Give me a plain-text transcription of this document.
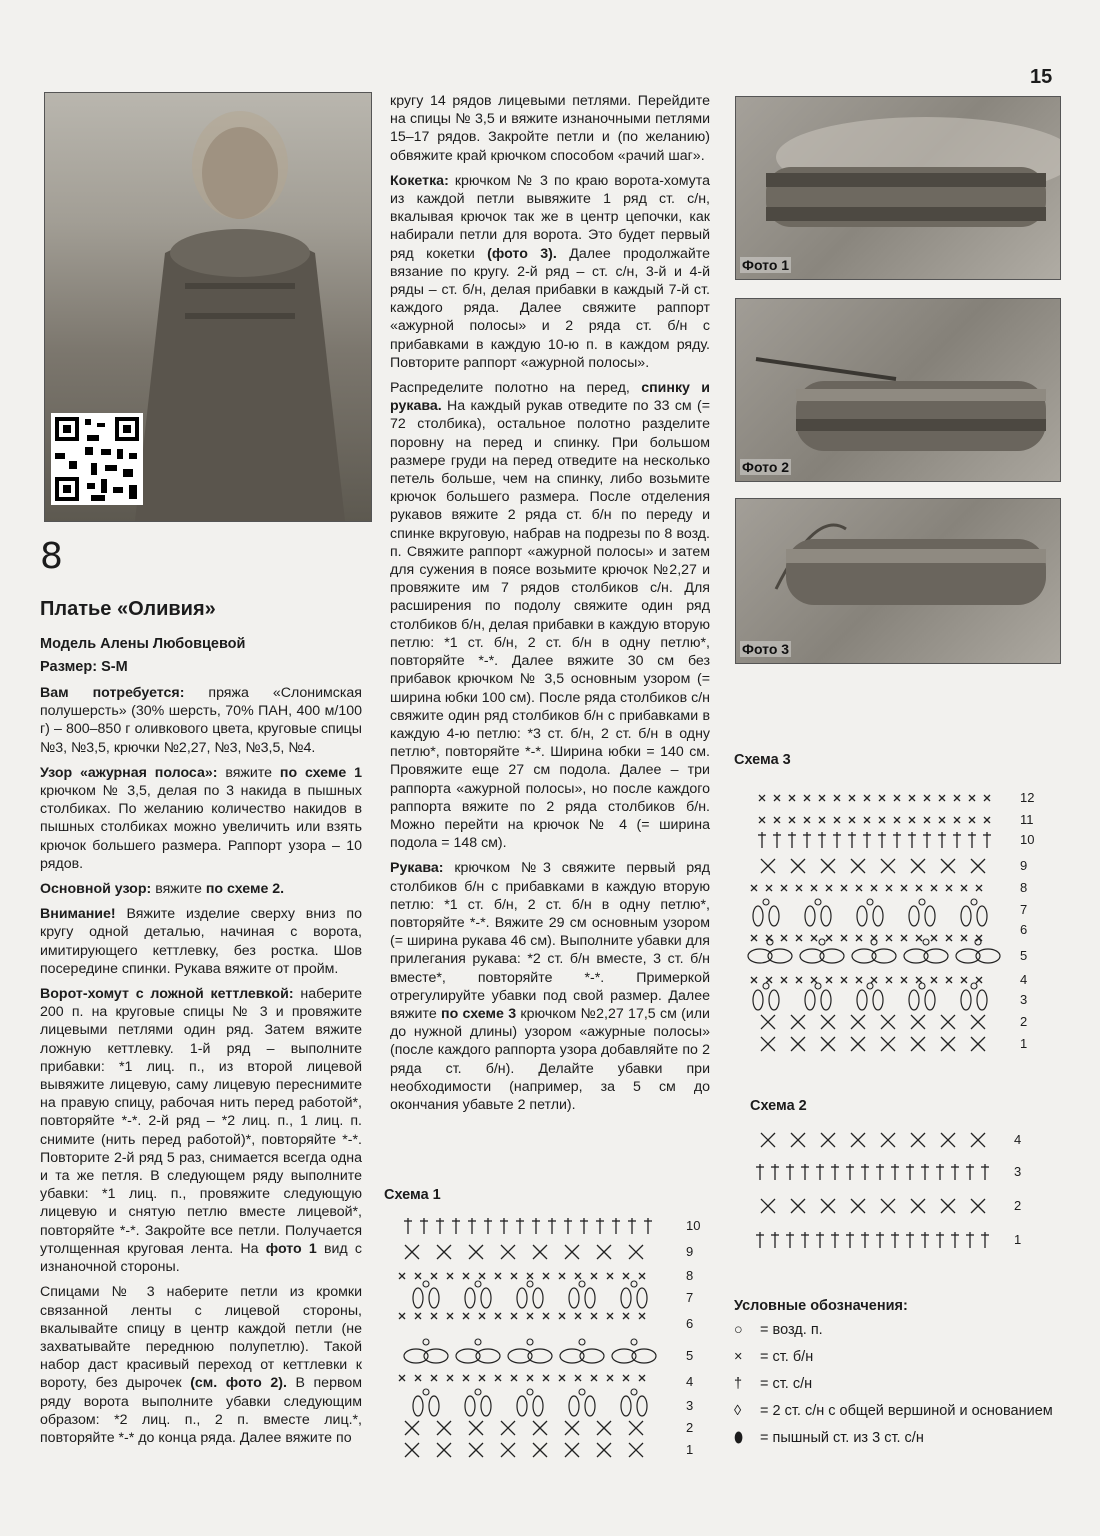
15
8
Платье «Оливия»
Модель Алены Любовцевой
Размер: S-M

Вам потребуется: пряжа «Слонимская полушерсть» (30% шерсть, 70% ПАН, 400 м/100 г) – 800–850 г оливкового цвета, круговые спицы №3, №3,5, крючки №2,27, №3, №3,5, №4.

Узор «ажурная полоса»: вяжите по схеме 1 крючком № 3,5, делая по 3 накида в пышных столбиках. По желанию количество накидов в пышных столбиках можно увеличить или взять крючок большего размера. Раппорт узора – 10 рядов.

Основной узор: вяжите по схеме 2.

Внимание! Вяжите изделие сверху вниз по кругу одной деталью, начиная с ворота, имитирующего кеттлевку, без ростка. Шов посередине спинки. Рукава вяжите от пройм.

Ворот-хомут с ложной кеттлевкой: наберите 200 п. на круговые спицы № 3 и провяжите лицевыми петлями один ряд. Затем вяжите ложную кеттлевку. 1-й ряд – выполните прибавки: *1 лиц. п., из второй лицевой вывяжите лицевую, саму лицевую переснимите на правую спицу, рабочая нить перед работой*, повторяйте *-*. 2-й ряд – *2 лиц. п., 1 лиц. п. снимите (нить перед работой)*, повторяйте *-*. Повторите 2-й ряд 5 раз, снимается всегда одна и та же петля. В следующем ряду выполните убавки: *1 лиц. п., провяжите следующую лицевую и снятую петлю вместе лицевой*, повторяйте *-*. Закройте все петли. Получается утолщенная круговая лента. На фото 1 вид с изнаночной стороны.

Спицами № 3 наберите петли из кромки связанной ленты с лицевой стороны, вкалывайте спицу в центр каждой петли (не захватывайте переднюю полупетлю). Такой набор даст красивый переход от кеттлевки к вороту, без дырочек (см. фото 2). В первом ряду ворота выполните убавки следующим образом: *2 лиц. п., 2 п. вместе лиц.*, повторяйте *-* до конца ряда. Далее вяжите по

кругу 14 рядов лицевыми петлями. Перейдите на спицы № 3,5 и вяжите изнаночными петлями 15–17 рядов. Закройте петли и (по желанию) обвяжите край крючком способом «рачий шаг».

Кокетка: крючком № 3 по краю ворота-хомута из каждой петли вывяжите 1 ряд ст. с/н, вкалывая крючок так же в центр цепочки, как набирали петли для ворота. Это будет первый ряд кокетки (фото 3). Далее продолжайте вязание по кругу. 2-й ряд – ст. с/н, 3-й и 4-й ряды – ст. б/н, делая прибавки в каждый 7-й ст. каждого ряда. Далее свяжите раппорт «ажурной полосы» и 2 ряда ст. б/н с прибавками в каждую 10-ю п. в каждом ряду. Повторите раппорт «ажурной полосы».

Распределите полотно на перед, спинку и рукава. На каждый рукав отведите по 33 см (= 72 столбика), остальное полотно разделите поровну на перед и спинку. При большом размере груди на перед отведите на несколько петель больше, чем на спинку, либо возьмите крючок большего размера. После отделения рукавов вяжите 2 ряда ст. б/н по переду и спинке вкруговую, набрав на подрезы по 8 возд. п. Свяжите раппорт «ажурной полосы» и затем для сужения в поясе возьмите крючок №2,27 и провяжите им 7 рядов столбиков с/н. Для расширения по подолу свяжите один ряд столбиков б/н, делая прибавки в каждую вторую петлю: *1 ст. б/н, 2 ст. б/н в одну петлю*, повторяйте *-*. Далее вяжите 30 см без прибавок крючком № 3,5 основным узором (= ширина юбки 100 см). После ряда столбиков с/н свяжите один ряд столбиков б/н с прибавками в каждую 4-ю петлю: *3 ст. б/н, 2 ст. б/н в одну петлю*, повторяйте *-*. Ширина юбки = 140 см. Провяжите еще 27 см подола. Далее – три раппорта «ажурной полосы», но после каждого раппорта вяжите по 2 ряда столбиков б/н. Можно перейти на крючок № 4 (= ширина подола = 148 см).

Рукава: крючком №3 свяжите первый ряд столбиков б/н с прибавками в каждую вторую петлю: *1 ст. б/н, 2 ст. б/н в одну петлю*, повторяйте *-*. Вяжите 29 см основным узором (= ширина рукава 46 см). Выполните убавки для прилегания рукава: *2 ст. б/н вместе, 3 ст. б/н вместе*, повторяйте *-*. Примеркой отрегулируйте убавки под свой размер. Далее вяжите по схеме 3 крючком №2,27 17,5 см (или до нужной длины) узором «ажурные полосы» (после каждого раппорта узора добавляйте по 2 ряда ст. б/н). Делайте убавки при необходимости (например, за 5 см до окончания убавьте 2 петли).

Фото 1
Фото 2
Фото 3
Схема 3
12
11
10
9
8
7
6
5
4
3
2
1
Схема 2
4
3
2
1
Схема 1
10
9
8
7
6
5
4
3
2
1
Условные обозначения:
○ = возд. п.
× = ст. б/н
† = ст. с/н
◊ = 2 ст. с/н с общей вершиной и основанием
⬮ = пышный ст. из 3 ст. с/н
